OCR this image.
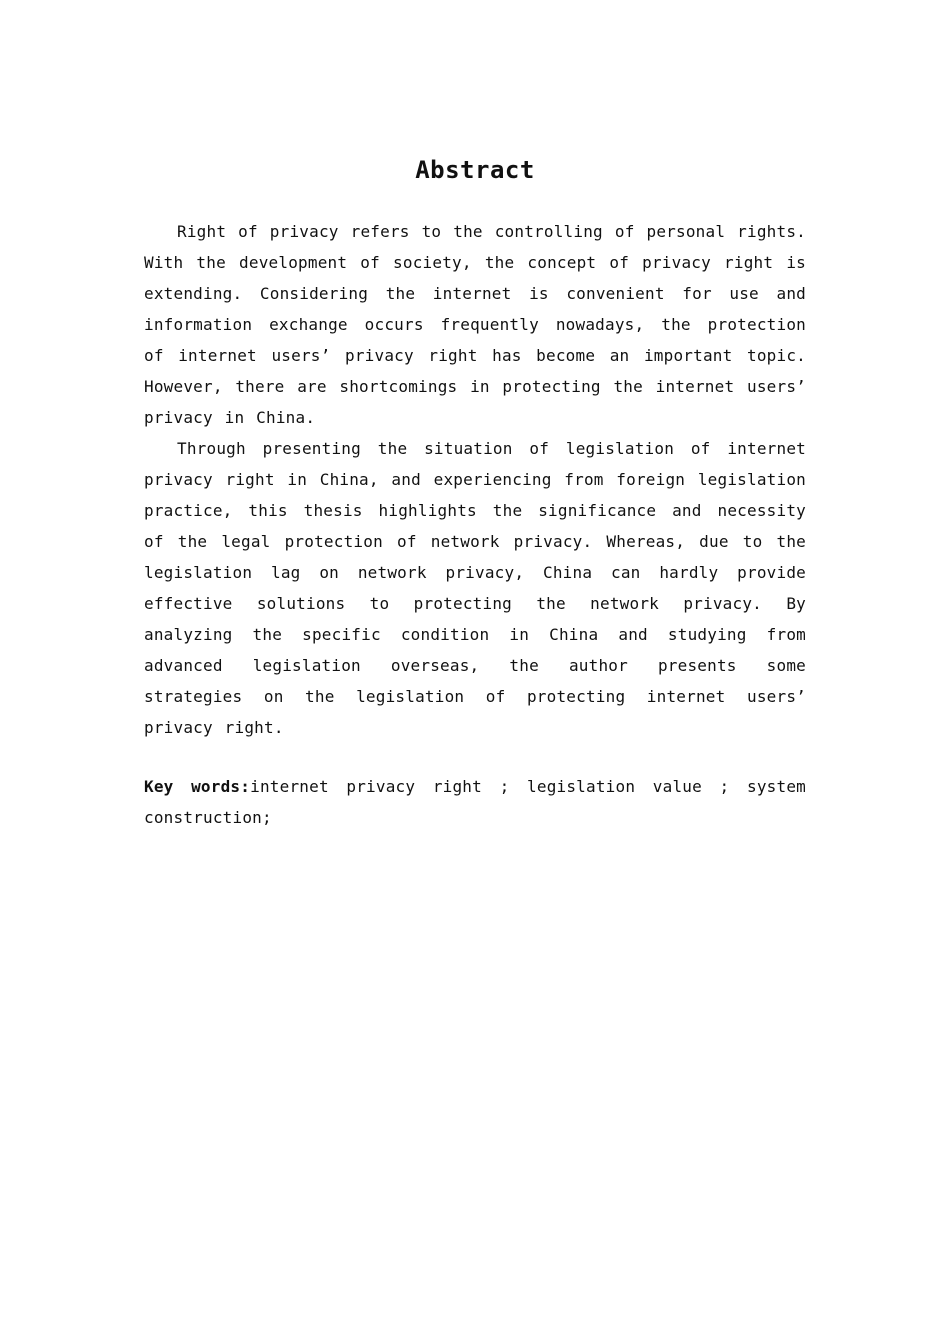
Abstract

Right of privacy refers to the controlling of personal rights. With the development of society, the concept of privacy right is extending. Considering the internet is convenient for use and information exchange occurs frequently nowadays, the protection of internet users’ privacy right has become an important topic. However, there are shortcomings in protecting the internet users’ privacy in China.

Through presenting the situation of legislation of internet privacy right in China, and experiencing from foreign legislation practice, this thesis highlights the significance and necessity of the legal protection of network privacy. Whereas, due to the legislation lag on network privacy, China can hardly provide effective solutions to protecting the network privacy. By analyzing the specific condition in China and studying from advanced legislation overseas, the author presents some strategies on the legislation of protecting internet users’ privacy right.

Key words:internet privacy right ; legislation value ; system construction;
